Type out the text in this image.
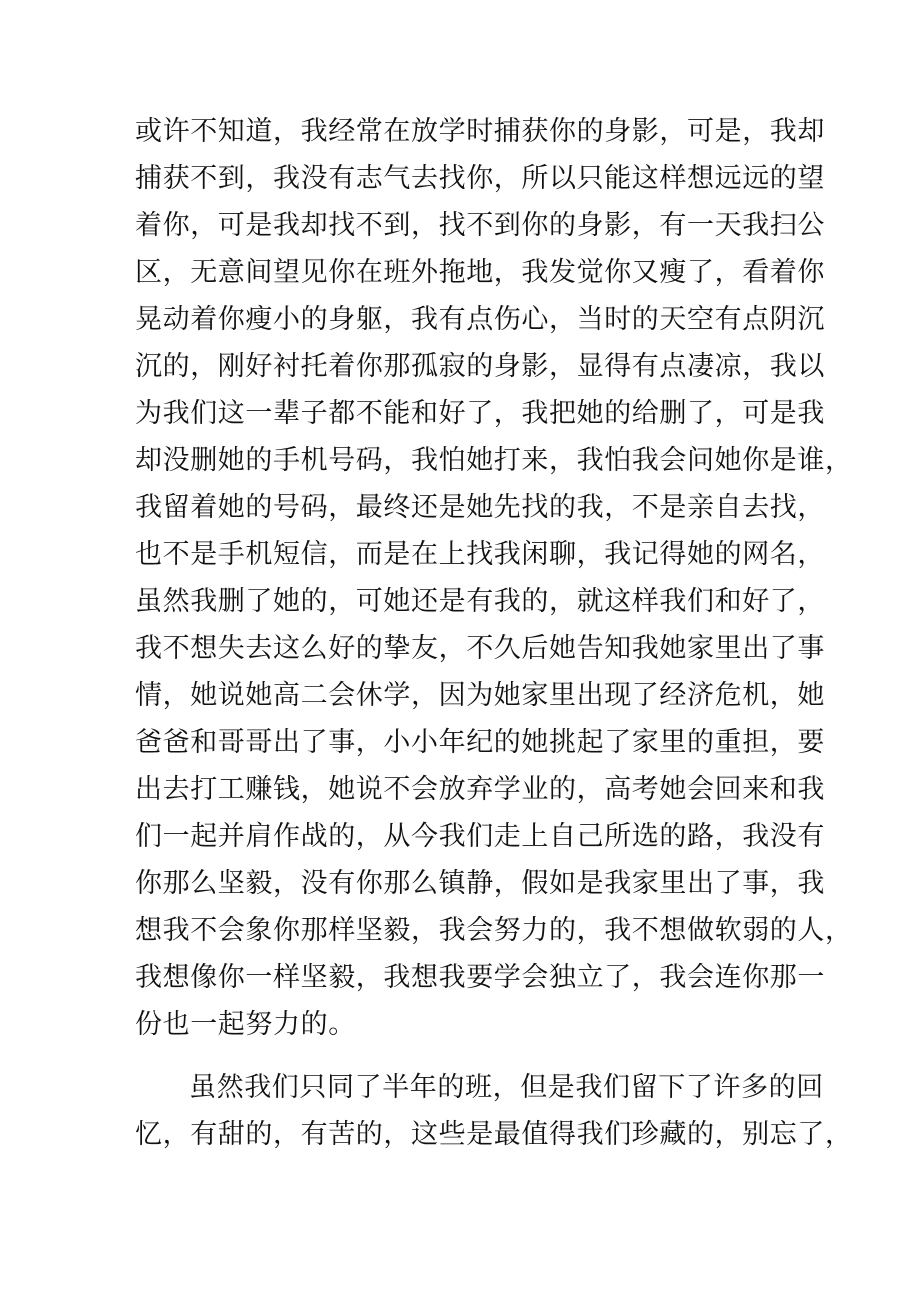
或许不知道，我经常在放学时捕获你的身影，可是，我却
捕获不到，我没有志气去找你，所以只能这样想远远的望
着你，可是我却找不到，找不到你的身影，有一天我扫公
区，无意间望见你在班外拖地，我发觉你又瘦了，看着你
晃动着你瘦小的身躯，我有点伤心，当时的天空有点阴沉
沉的，刚好衬托着你那孤寂的身影，显得有点凄凉，我以
为我们这一辈子都不能和好了，我把她的给删了，可是我
却没删她的手机号码，我怕她打来，我怕我会问她你是谁，
我留着她的号码，最终还是她先找的我，不是亲自去找，
也不是手机短信，而是在上找我闲聊，我记得她的网名，
虽然我删了她的，可她还是有我的，就这样我们和好了，
我不想失去这么好的挚友，不久后她告知我她家里出了事
情，她说她高二会休学，因为她家里出现了经济危机，她
爸爸和哥哥出了事，小小年纪的她挑起了家里的重担，要
出去打工赚钱，她说不会放弃学业的，高考她会回来和我
们一起并肩作战的，从今我们走上自己所选的路，我没有
你那么坚毅，没有你那么镇静，假如是我家里出了事，我
想我不会象你那样坚毅，我会努力的，我不想做软弱的人，
我想像你一样坚毅，我想我要学会独立了，我会连你那一
份也一起努力的。
虽然我们只同了半年的班，但是我们留下了许多的回
忆，有甜的，有苦的，这些是最值得我们珍藏的，别忘了，
